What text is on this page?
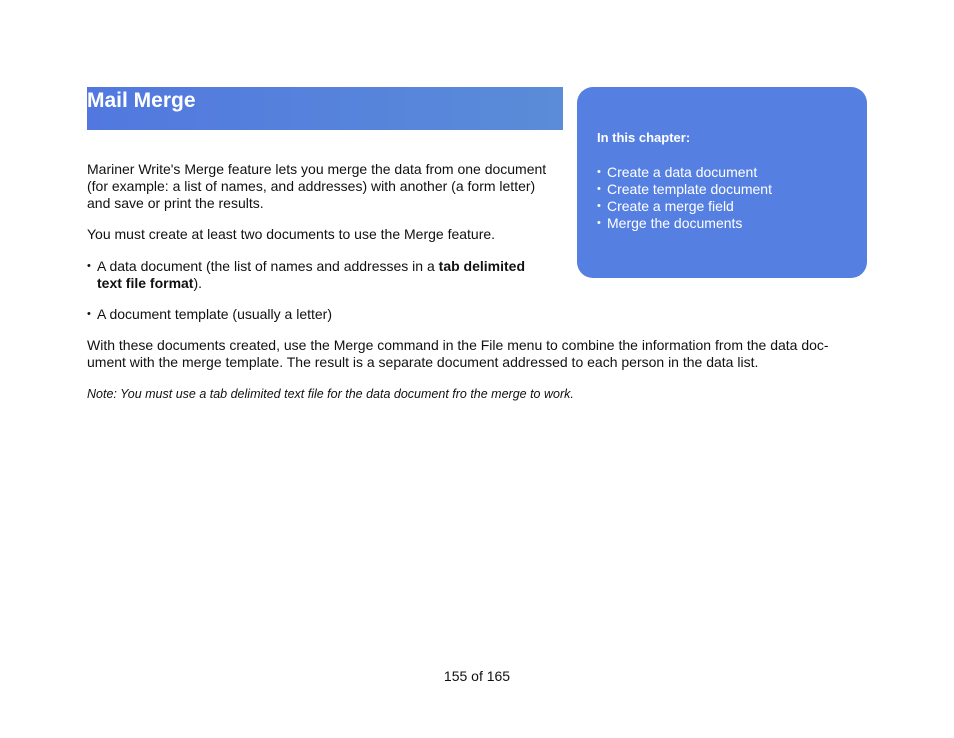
Mail Merge
In this chapter:
• Create a data document
• Create template document
• Create a merge field
• Merge the documents

Mariner Write's Merge feature lets you merge the data from one document
(for example: a list of names, and addresses) with another (a form letter)
and save or print the results.

You must create at least two documents to use the Merge feature.

• A data document (the list of names and addresses in a tab delimited
text file format).
• A document template (usually a letter)

With these documents created, use the Merge command in the File menu to combine the information from the data doc-
ument with the merge template. The result is a separate document addressed to each person in the data list.

Note: You must use a tab delimited text file for the data document fro the merge to work.

155 of 165
